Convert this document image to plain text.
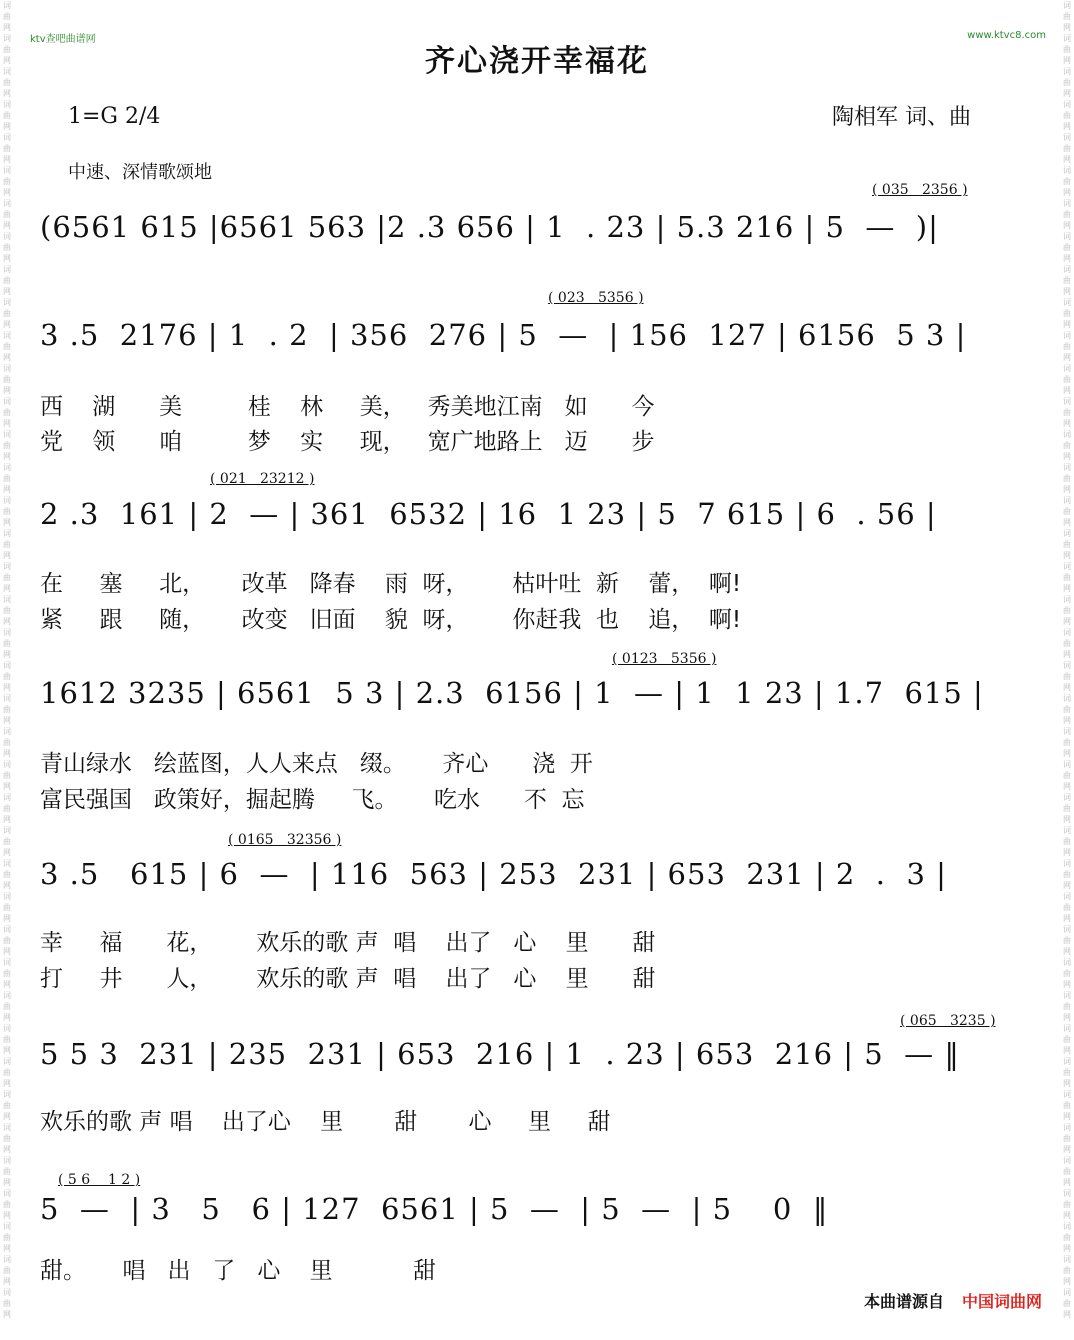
词
曲
网
词
曲
网
词
曲
网
词
曲
网
词
曲
网
词
曲
网
词
曲
网
词
曲
网
词
曲
网
词
曲
网
词
曲
网
词
曲
网
词
曲
网
词
曲
网
词
曲
网
词
曲
网
词
曲
网
词
曲
网
词
曲
网
词
曲
网
词
曲
网
词
曲
网
词
曲
网
词
曲
网
词
曲
网
词
曲
网
词
曲
网
词
曲
网
词
曲
网
词
曲
网
词
曲
网
词
曲
网
词
曲
网
词
曲
网
词
曲
网
词
曲
网
词
曲
网
词
曲
网
词
曲
网
词
曲
网
词
曲
网
词
曲
网
词
曲
网
词
曲
网
词
曲
网
词
曲
网
词
曲
网
词
曲
网
词
曲
网
词
曲
网
词
曲
网
词
曲
网
词
曲
网
词
曲
网
词
曲
网
词
曲
网
词
曲
网
词
曲
网
词
曲
网
词
曲
网
词
曲
网
词
曲
网
词
曲
网
词
曲
网
词
曲
网
词
曲
网
词
曲
网
词
曲
网
词
曲
网
词
曲
网
词
曲
网
词
曲
网
词
曲
网
词
曲
网
词
曲
网
词
曲
网
词
曲
网
词
曲
网
词
曲
网
词
曲
网
ktv查吧曲谱网	www.ktvc8.com
齐心浇开幸福花
1=G 2/4	陶相军 词、曲
中速、深情歌颂地
( 035   2356 )
(6561 615 |6561 563 |2 .3 656 | 1  . 23 | 5.3 216 | 5  —  )|
( 023   5356 )
3 .5  2176 | 1  . 2  | 356  276 | 5  —  | 156  127 | 6156  5 3 |
西    湖      美         桂    林     美，   秀美地江南   如      今
党    领      咱         梦    实     现，   宽广地路上   迈      步
( 021   23212 )
2 .3  161 | 2  — | 361  6532 | 16  1 23 | 5  7 615 | 6  . 56 |
在     塞     北，     改革   降春    雨  呀，      枯叶吐  新    蕾，  啊!
紧     跟     随，     改变   旧面    貌  呀，      你赶我  也    追，  啊!
( 0123   5356 )
1612 3235 | 6561  5 3 | 2.3  6156 | 1  — | 1  1 23 | 1.7  615 |
青山绿水   绘蓝图，人人来点   缀。     齐心      浇  开
富民强国   政策好，掘起腾     飞。     吃水      不  忘
( 0165   32356 )
3 .5   615 | 6  —  | 116  563 | 253  231 | 653  231 | 2  .  3 |
幸     福      花，      欢乐的歌 声  唱    出了   心    里      甜
打     井      人，      欢乐的歌 声  唱    出了   心    里      甜
( 065   3235 )
5 5 3  231 | 235  231 | 653  216 | 1  . 23 | 653  216 | 5  — ‖
欢乐的歌 声 唱    出了心    里       甜       心     里     甜
( 5 6    1 2 )
5  —  | 3   5   6 | 127  6561 | 5  —  | 5  —  | 5    0  ‖
甜。     唱   出   了   心    里           甜
本曲谱源自 中国词曲网
